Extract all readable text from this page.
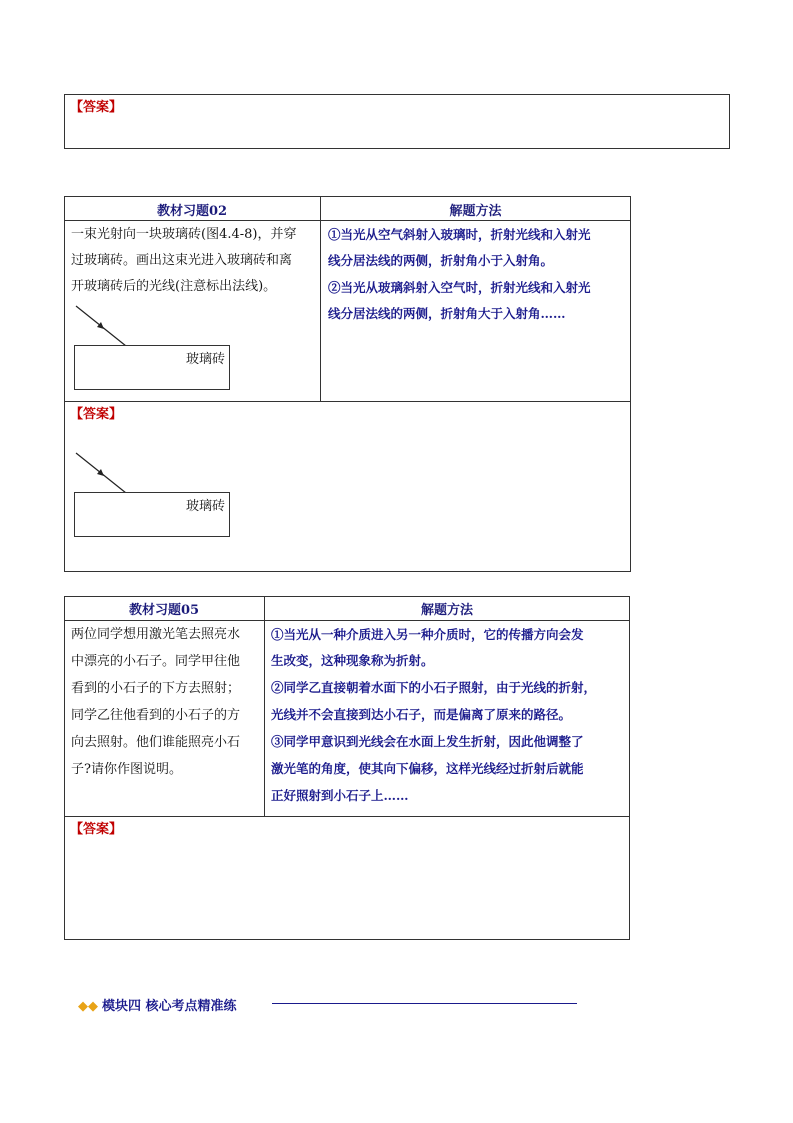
【答案】
教材习题02	解题方法
一束光射向一块玻璃砖(图4.4-8)，并穿
过玻璃砖。画出这束光进入玻璃砖和离
开玻璃砖后的光线(注意标出法线)。
玻璃砖
①当光从空气斜射入玻璃时，折射光线和入射光
线分居法线的两侧，折射角小于入射角。
②当光从玻璃斜射入空气时，折射光线和入射光
线分居法线的两侧，折射角大于入射角……
【答案】
玻璃砖
教材习题05	解题方法
两位同学想用激光笔去照亮水
中漂亮的小石子。同学甲往他
看到的小石子的下方去照射；
同学乙往他看到的小石子的方
向去照射。他们谁能照亮小石
子?请你作图说明。
①当光从一种介质进入另一种介质时，它的传播方向会发
生改变，这种现象称为折射。
②同学乙直接朝着水面下的小石子照射，由于光线的折射，
光线并不会直接到达小石子，而是偏离了原来的路径。
③同学甲意识到光线会在水面上发生折射，因此他调整了
激光笔的角度，使其向下偏移，这样光线经过折射后就能
正好照射到小石子上……
【答案】
◆◆ 模块四 核心考点精准练
